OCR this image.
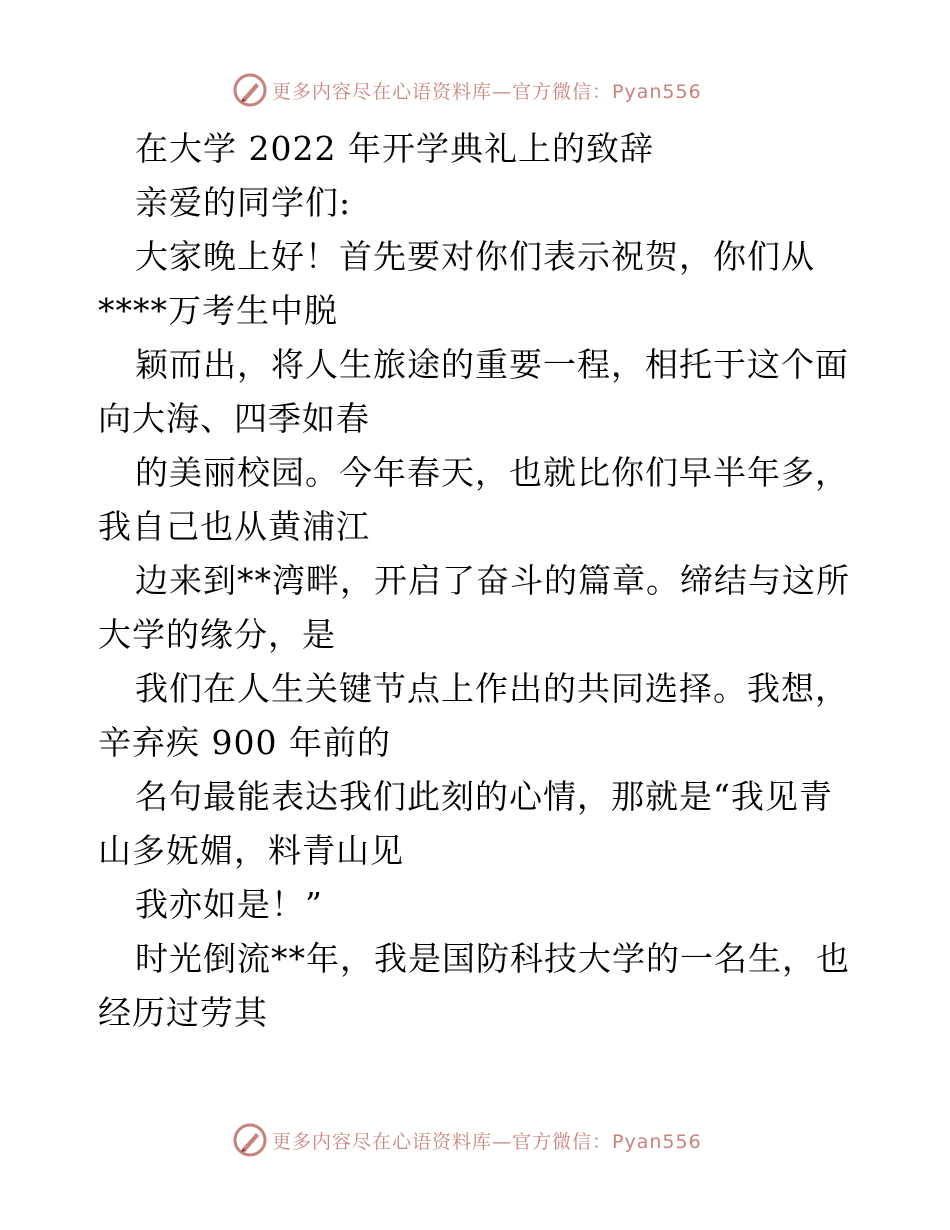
更多内容尽在心语资料库—官方微信：Pyan556
在大学 2022 年开学典礼上的致辞
亲爱的同学们:
大家晚上好！首先要对你们表示祝贺，你们从
****万考生中脱
颖而出，将人生旅途的重要一程，相托于这个面
向大海、四季如春
的美丽校园。今年春天，也就比你们早半年多，
我自己也从黄浦江
边来到**湾畔，开启了奋斗的篇章。缔结与这所
大学的缘分，是
我们在人生关键节点上作出的共同选择。我想，
辛弃疾 900 年前的
名句最能表达我们此刻的心情，那就是“我见青
山多妩媚，料青山见
我亦如是！”
时光倒流**年，我是国防科技大学的一名生，也
经历过劳其
更多内容尽在心语资料库—官方微信：Pyan556
